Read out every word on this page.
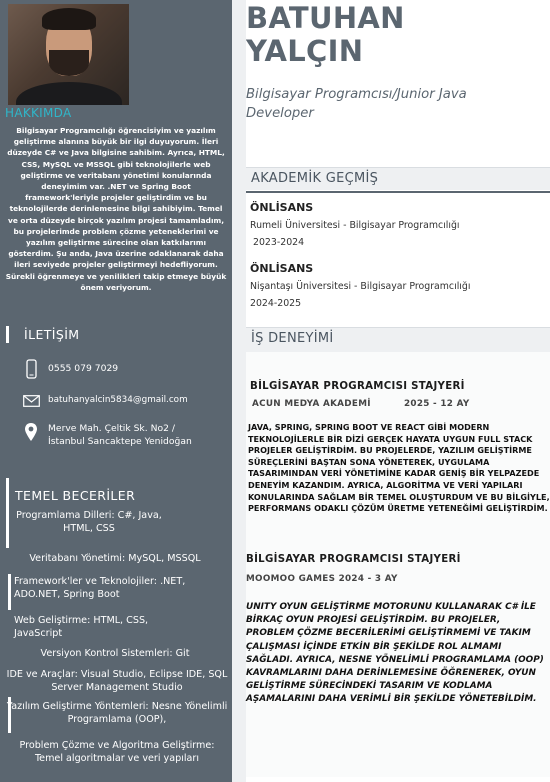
HAKKIMDA
Bilgisayar Programcılığı öğrencisiyim ve yazılım geliştirme alanına büyük bir ilgi duyuyorum. İleri düzeyde C# ve Java bilgisine sahibim. Ayrıca, HTML, CSS, MySQL ve MSSQL gibi teknolojilerle web geliştirme ve veritabanı yönetimi konularında deneyimim var. .NET ve Spring Boot framework'leriyle projeler geliştirdim ve bu teknolojilerde derinlemesine bilgi sahibiyim. Temel ve orta düzeyde birçok yazılım projesi tamamladım, bu projelerimde problem çözme yeteneklerimi ve yazılım geliştirme sürecine olan katkılarımı gösterdim. Şu anda, Java üzerine odaklanarak daha ileri seviyede projeler geliştirmeyi hedefliyorum. Sürekli öğrenmeye ve yenilikleri takip etmeye büyük önem veriyorum.
İLETİŞİM
0555 079 7029
batuhanyalcin5834@gmail.com
Merve Mah. Çeltik Sk. No2 / İstanbul Sancaktepe Yenidoğan
TEMEL BECERİLER
Programlama Dilleri: C#, Java, HTML, CSS
Veritabanı Yönetimi: MySQL, MSSQL
Framework'ler ve Teknolojiler: .NET, ADO.NET, Spring Boot
Web Geliştirme: HTML, CSS, JavaScript
Versiyon Kontrol Sistemleri: Git
IDE ve Araçlar: Visual Studio, Eclipse IDE, SQL Server Management Studio
Yazılım Geliştirme Yöntemleri: Nesne Yönelimli Programlama (OOP),
Problem Çözme ve Algoritma Geliştirme: Temel algoritmalar ve veri yapıları
BATUHAN
YALÇIN
Bilgisayar Programcısı/Junior Java Developer
AKADEMİK GEÇMİŞ
ÖNLİSANS
Rumeli Üniversitesi - Bilgisayar Programcılığı
2023-2024
ÖNLİSANS
Nişantaşı Üniversitesi - Bilgisayar Programcılığı
2024-2025
İŞ DENEYİMİ
BİLGİSAYAR PROGRAMCISI STAJYERİ
ACUN MEDYA AKADEMİ	2025 - 12 AY
JAVA, SPRING, SPRING BOOT VE REACT GİBİ MODERN TEKNOLOJİLERLE BİR DİZİ GERÇEK HAYATA UYGUN FULL STACK PROJELER GELİŞTİRDİM. BU PROJELERDE, YAZILIM GELİŞTİRME SÜREÇLERİNİ BAŞTAN SONA YÖNETEREK, UYGULAMA TASARIMINDAN VERİ YÖNETİMİNE KADAR GENİŞ BİR YELPAZEDE DENEYİM KAZANDIM. AYRICA, ALGORİTMA VE VERİ YAPILARI KONULARINDA SAĞLAM BİR TEMEL OLUŞTURDUM VE BU BİLGİYLE, PERFORMANS ODAKLI ÇÖZÜM ÜRETME YETENEĞİMİ GELİŞTİRDİM.
BİLGİSAYAR PROGRAMCISI STAJYERİ
MOOMOO GAMES 2024 - 3 AY
UNITY OYUN GELİŞTİRME MOTORUNU KULLANARAK C# İLE BİRKAÇ OYUN PROJESİ GELİŞTİRDİM. BU PROJELER, PROBLEM ÇÖZME BECERİLERİMİ GELİŞTİRMEMİ VE TAKIM ÇALIŞMASI İÇİNDE ETKİN BİR ŞEKİLDE ROL ALMAMI SAĞLADI. AYRICA, NESNE YÖNELİMLİ PROGRAMLAMA (OOP) KAVRAMLARINI DAHA DERİNLEMESİNE ÖĞRENEREK, OYUN GELİŞTİRME SÜRECİNDEKİ TASARIM VE KODLAMA AŞAMALARINI DAHA VERİMLİ BİR ŞEKİLDE YÖNETEBİLDİM.
